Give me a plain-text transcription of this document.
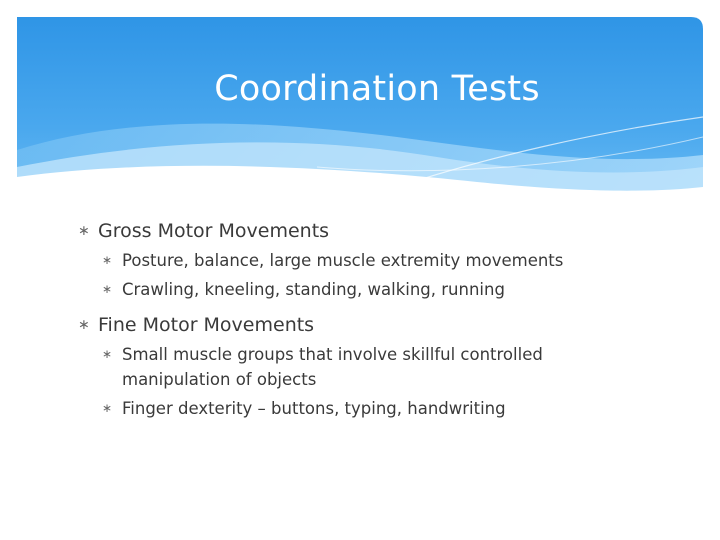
Coordination Tests
∗ Gross Motor Movements
∗ Posture, balance, large muscle extremity movements
∗ Crawling, kneeling, standing, walking, running
∗ Fine Motor Movements
∗ Small muscle groups that involve skillful controlled manipulation of objects
∗ Finger dexterity – buttons, typing, handwriting
